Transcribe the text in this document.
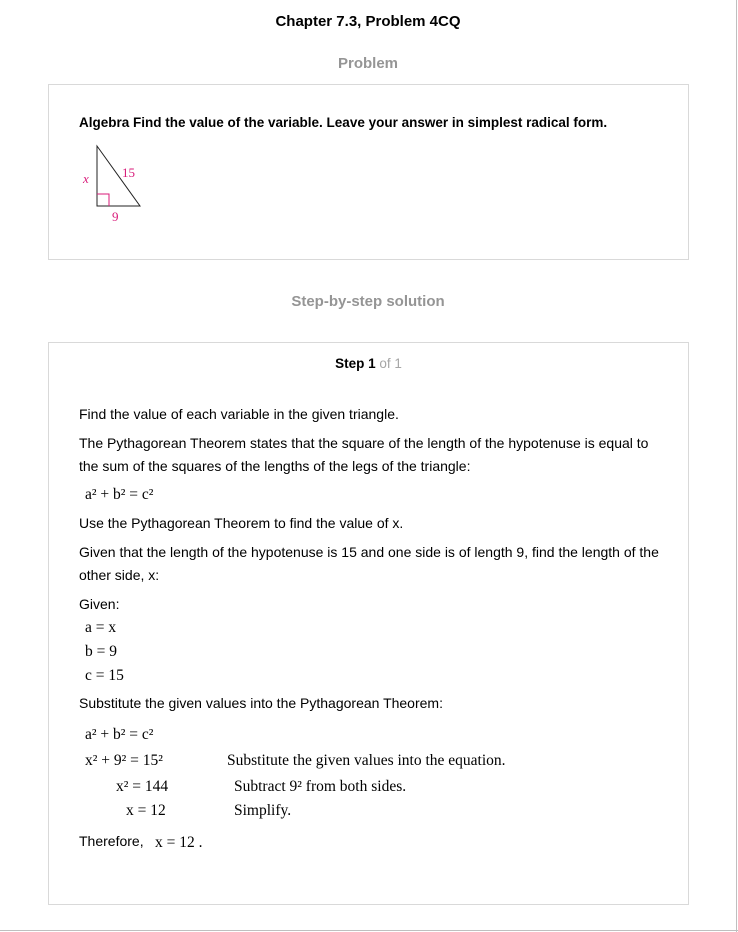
Chapter 7.3, Problem 4CQ
Problem
Algebra Find the value of the variable. Leave your answer in simplest radical form.
15
x
9
Step-by-step solution
Step 1 of 1
Find the value of each variable in the given triangle.
The Pythagorean Theorem states that the square of the length of the hypotenuse is equal to the sum of the squares of the lengths of the legs of the triangle:
a² + b² = c²
Use the Pythagorean Theorem to find the value of x.
Given that the length of the hypotenuse is 15 and one side is of length 9, find the length of the other side, x:
Given:
a = x
b = 9
c = 15
Substitute the given values into the Pythagorean Theorem:
a² + b² = c²
x² + 9² = 15²	Substitute the given values into the equation.
x² = 144	Subtract 9² from both sides.
x = 12	Simplify.
Therefore, x = 12 .
